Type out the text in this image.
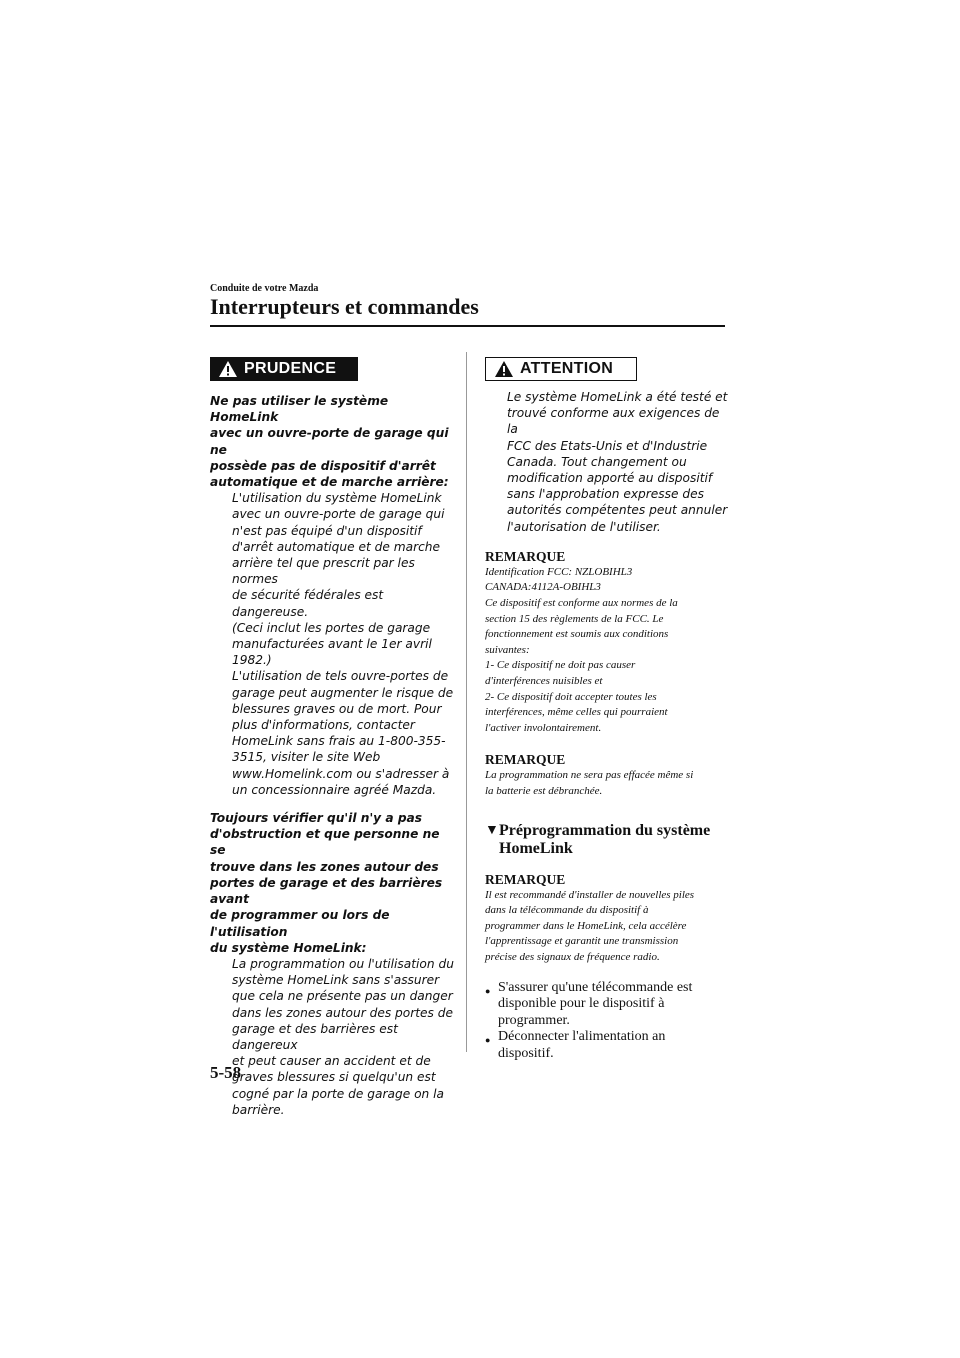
Conduite de votre Mazda
Interrupteurs et commandes
PRUDENCE

Ne pas utiliser le système HomeLink
avec un ouvre-porte de garage qui ne
possède pas de dispositif d'arrêt
automatique et de marche arrière:

L'utilisation du système HomeLink
avec un ouvre-porte de garage qui
n'est pas équipé d'un dispositif
d'arrêt automatique et de marche
arrière tel que prescrit par les normes
de sécurité fédérales est dangereuse.
(Ceci inclut les portes de garage
manufacturées avant le 1er avril
1982.)
L'utilisation de tels ouvre-portes de
garage peut augmenter le risque de
blessures graves ou de mort. Pour
plus d'informations, contacter
HomeLink sans frais au 1-800-355-
3515, visiter le site Web
www.Homelink.com ou s'adresser à
un concessionnaire agréé Mazda.

Toujours vérifier qu'il n'y a pas
d'obstruction et que personne ne se
trouve dans les zones autour des
portes de garage et des barrières avant
de programmer ou lors de l'utilisation
du système HomeLink:

La programmation ou l'utilisation du
système HomeLink sans s'assurer
que cela ne présente pas un danger
dans les zones autour des portes de
garage et des barrières est dangereux
et peut causer an accident et de
graves blessures si quelqu'un est
cogné par la porte de garage on la
barrière.

ATTENTION

Le système HomeLink a été testé et
trouvé conforme aux exigences de la
FCC des Etats-Unis et d'Industrie
Canada. Tout changement ou
modification apporté au dispositif
sans l'approbation expresse des
autorités compétentes peut annuler
l'autorisation de l'utiliser.

REMARQUE

Identification FCC: NZLOBIHL3
CANADA:4112A-OBIHL3
Ce dispositif est conforme aux normes de la
section 15 des règlements de la FCC. Le
fonctionnement est soumis aux conditions
suivantes:
1- Ce dispositif ne doit pas causer
d'interférences nuisibles et
2- Ce dispositif doit accepter toutes les
interférences, même celles qui pourraient
l'activer involontairement.

REMARQUE

La programmation ne sera pas effacée même si
la batterie est débranchée.

▼ Préprogrammation du système
HomeLink

REMARQUE

Il est recommandé d'installer de nouvelles piles
dans la télécommande du dispositif à
programmer dans le HomeLink, cela accélère
l'apprentissage et garantit une transmission
précise des signaux de fréquence radio.

● S'assurer qu'une télécommande est
disponible pour le dispositif à
programmer.
● Déconnecter l'alimentation an
dispositif.
5-58
